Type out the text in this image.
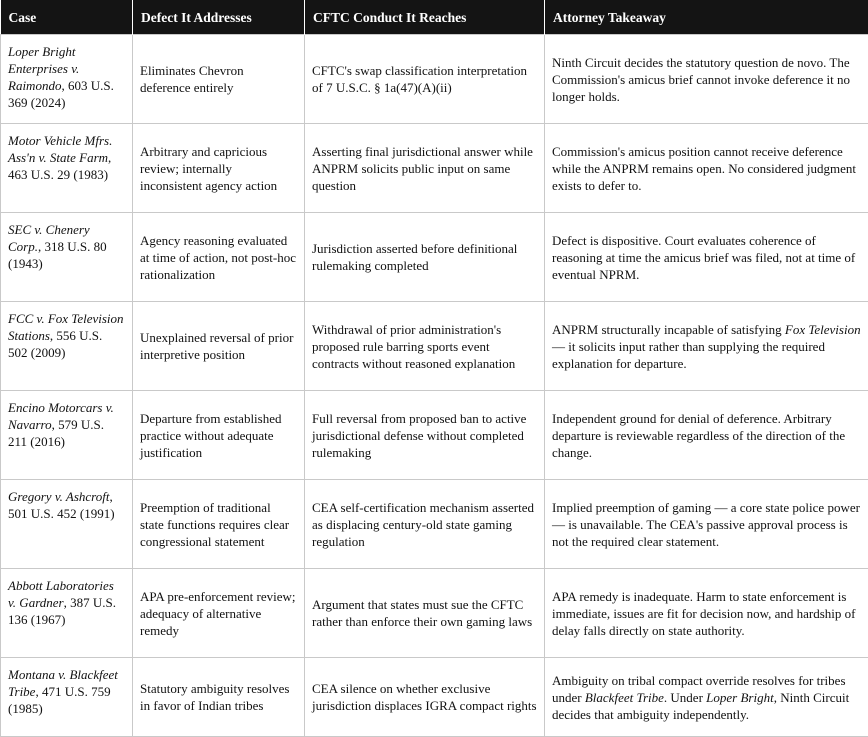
Case	Defect It Addresses	CFTC Conduct It Reaches	Attorney Takeaway
Loper Bright Enterprises v. Raimondo, 603 U.S. 369 (2024)	Eliminates Chevron deference entirely	CFTC's swap classification interpretation of 7 U.S.C. § 1a(47)(A)(ii)	Ninth Circuit decides the statutory question de novo. The Commission's amicus brief cannot invoke deference it no longer holds.
Motor Vehicle Mfrs. Ass'n v. State Farm, 463 U.S. 29 (1983)	Arbitrary and capricious review; internally inconsistent agency action	Asserting final jurisdictional answer while ANPRM solicits public input on same question	Commission's amicus position cannot receive deference while the ANPRM remains open. No considered judgment exists to defer to.
SEC v. Chenery Corp., 318 U.S. 80 (1943)	Agency reasoning evaluated at time of action, not post-hoc rationalization	Jurisdiction asserted before definitional rulemaking completed	Defect is dispositive. Court evaluates coherence of reasoning at time the amicus brief was filed, not at time of eventual NPRM.
FCC v. Fox Television Stations, 556 U.S. 502 (2009)	Unexplained reversal of prior interpretive position	Withdrawal of prior administration's proposed rule barring sports event contracts without reasoned explanation	ANPRM structurally incapable of satisfying Fox Television — it solicits input rather than supplying the required explanation for departure.
Encino Motorcars v. Navarro, 579 U.S. 211 (2016)	Departure from established practice without adequate justification	Full reversal from proposed ban to active jurisdictional defense without completed rulemaking	Independent ground for denial of deference. Arbitrary departure is reviewable regardless of the direction of the change.
Gregory v. Ashcroft, 501 U.S. 452 (1991)	Preemption of traditional state functions requires clear congressional statement	CEA self-certification mechanism asserted as displacing century-old state gaming regulation	Implied preemption of gaming — a core state police power — is unavailable. The CEA's passive approval process is not the required clear statement.
Abbott Laboratories v. Gardner, 387 U.S. 136 (1967)	APA pre-enforcement review; adequacy of alternative remedy	Argument that states must sue the CFTC rather than enforce their own gaming laws	APA remedy is inadequate. Harm to state enforcement is immediate, issues are fit for decision now, and hardship of delay falls directly on state authority.
Montana v. Blackfeet Tribe, 471 U.S. 759 (1985)	Statutory ambiguity resolves in favor of Indian tribes	CEA silence on whether exclusive jurisdiction displaces IGRA compact rights	Ambiguity on tribal compact override resolves for tribes under Blackfeet Tribe. Under Loper Bright, Ninth Circuit decides that ambiguity independently.
